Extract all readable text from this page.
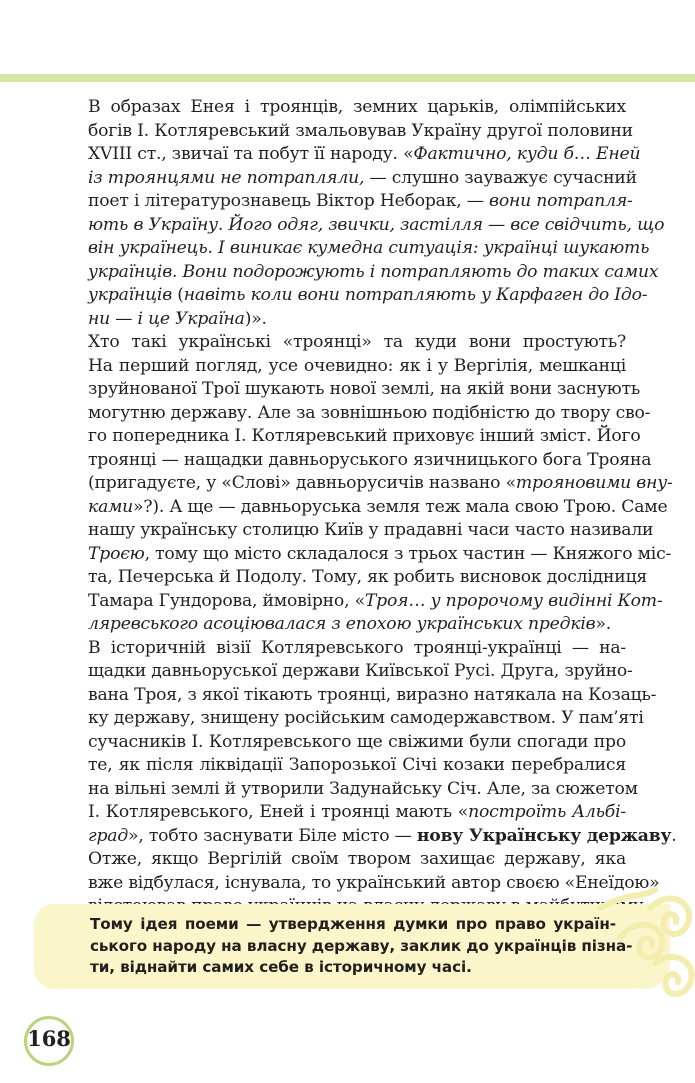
В образах Енея і троянців, земних царьків, олімпійських
богів І. Котляревський змальовував Україну другої половини
XVIII ст., звичаї та побут її народу. «Фактично, куди б… Еней
із троянцями не потрапляли, — слушно зауважує сучасний
поет і літературознавець Віктор Неборак, — вони потрапля-
ють в Україну. Його одяг, звички, застілля — все свідчить, що
він українець. І виникає кумедна ситуація: українці шукають
українців. Вони подорожують і потрапляють до таких самих
українців (навіть коли вони потрапляють у Карфаген до Ідо-
ни — і це Україна)».
Хто такі українські «троянці» та куди вони простують?
На перший погляд, усе очевидно: як і у Вергілія, мешканці
зруйнованої Трої шукають нової землі, на якій вони заснують
могутню державу. Але за зовнішньою подібністю до твору сво-
го попередника І. Котляревський приховує інший зміст. Його
троянці — нащадки давньоруського язичницького бога Трояна
(пригадуєте, у «Слові» давньорусичів названо «трояновими вну-
ками»?). А ще — давньоруська земля теж мала свою Трою. Саме
нашу українську столицю Київ у прадавні часи часто називали
Троєю, тому що місто складалося з трьох частин — Княжого міс-
та, Печерська й Подолу. Тому, як робить висновок дослідниця
Тамара Гундорова, ймовірно, «Троя… у пророчому видінні Кот-
ляревського асоціювалася з епохою українських предків».
В історичній візії Котляревського троянці-українці — на-
щадки давньоруської держави Київської Русі. Друга, зруйно-
вана Троя, з якої тікають троянці, виразно натякала на Козаць-
ку державу, знищену російським самодержавством. У пам’яті
сучасників І. Котляревського ще свіжими були спогади про
те, як після ліквідації Запорозької Січі козаки перебралися
на вільні землі й утворили Задунайську Січ. Але, за сюжетом
І. Котляревського, Еней і троянці мають «построїть Альбі-
град», тобто заснувати Біле місто — нову Українську державу.
Отже, якщо Вергілій своїм твором захищає державу, яка
вже відбулася, існувала, то український автор своєю «Енеїдою»
Тому ідея поеми — утвердження думки про право україн-
ського народу на власну державу, заклик до українців пізна-
ти, віднайти самих себе в історичному часі.
168
